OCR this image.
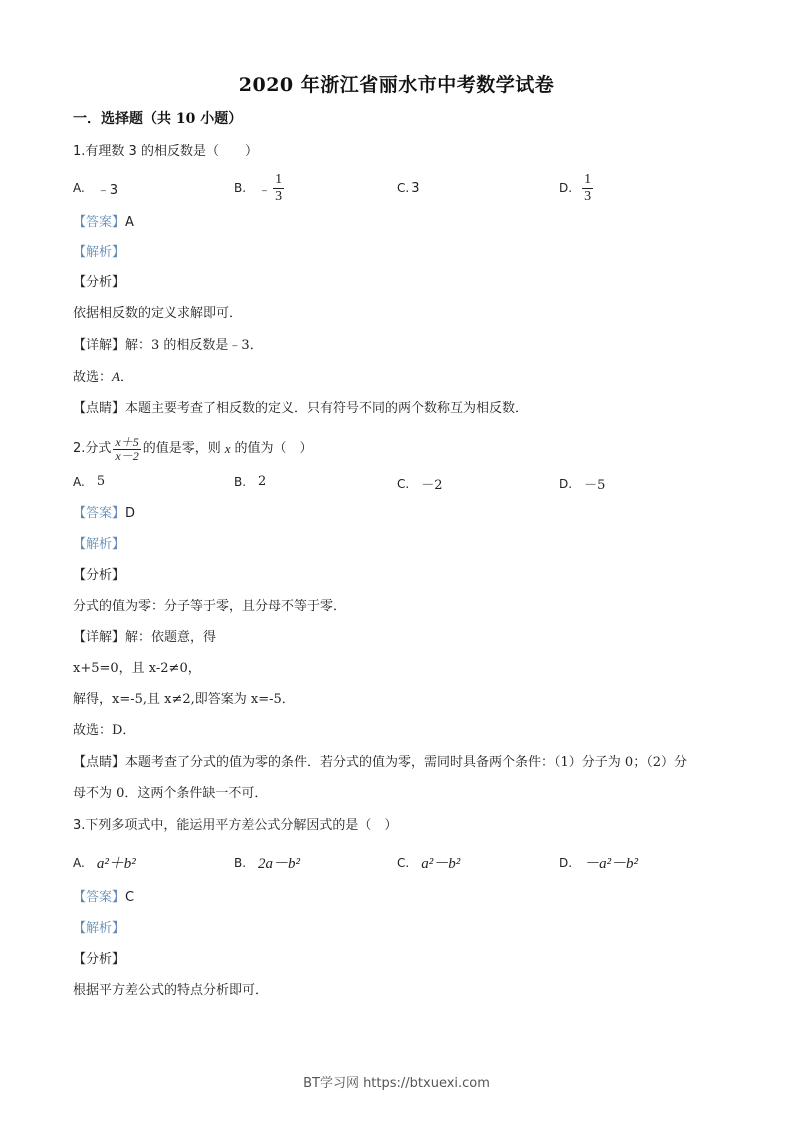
2020 年浙江省丽水市中考数学试卷
一．选择题（共 10 小题）
1.有理数 3 的相反数是（　　）
A. ﹣3	B. ﹣ $\frac{1}{3}$	C. 3	D. $\frac{1}{3}$
【答案】A
【解析】
【分析】
依据相反数的定义求解即可．
【详解】解：3 的相反数是﹣3．
故选：A．
【点睛】本题主要考查了相反数的定义．只有符号不同的两个数称互为相反数．
2.分式 $\frac{x+5}{x-2}$ 的值是零，则 x 的值为（　）
A. 5	B. 2	C. －2	D. －5
【答案】D
【解析】
【分析】
分式的值为零：分子等于零，且分母不等于零．
【详解】解：依题意，得
x+5=0，且 x-2≠0，
解得，x=-5,且 x≠2,即答案为 x=-5．
故选：D．
【点睛】本题考查了分式的值为零的条件．若分式的值为零，需同时具备两个条件：（1）分子为 0；（2）分
母不为 0．这两个条件缺一不可．
3.下列多项式中，能运用平方差公式分解因式的是（　）
A. a²＋b²	B. 2a－b²	C. a²－b²	D. －a²－b²
【答案】C
【解析】
【分析】
根据平方差公式的特点分析即可．
BT学习网 https://btxuexi.com
